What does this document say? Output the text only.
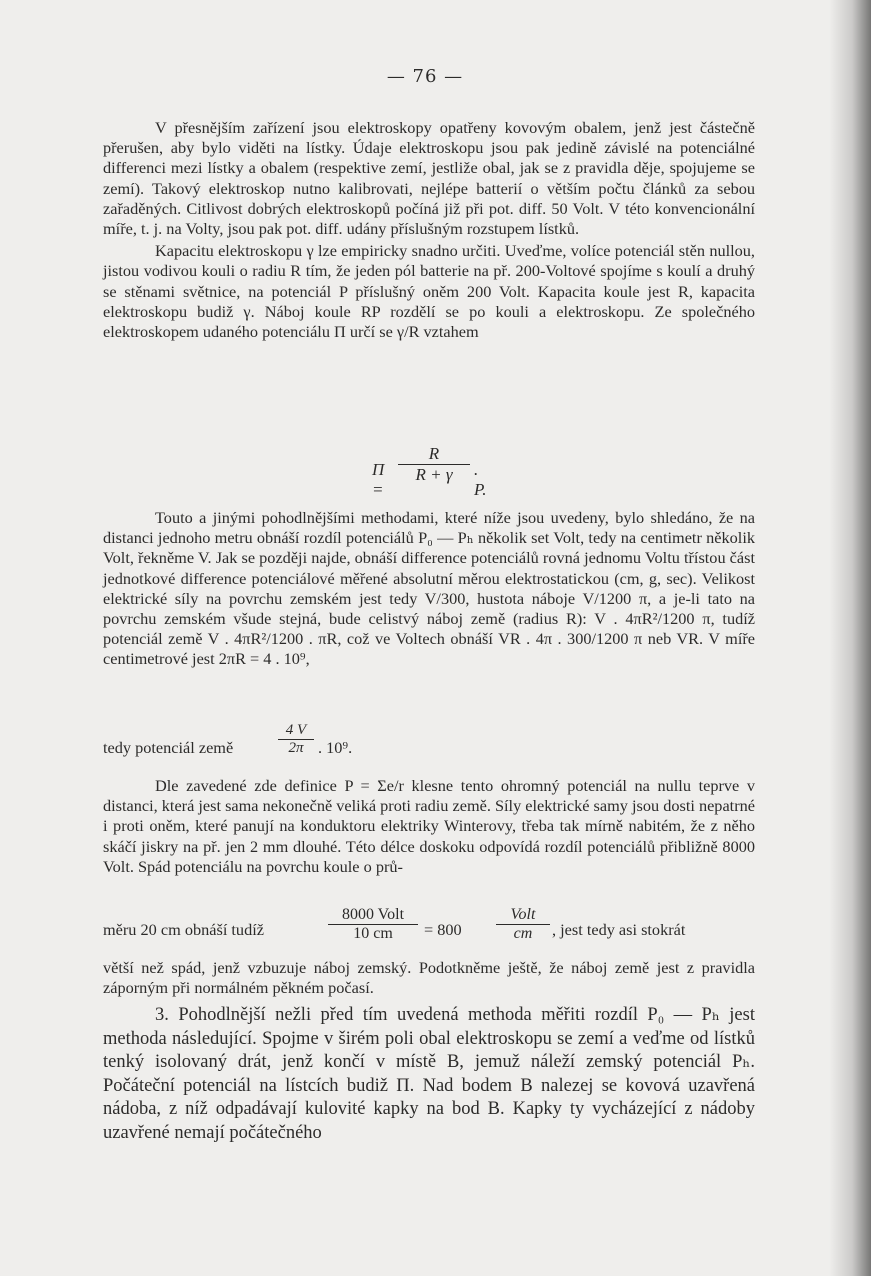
— 76 —

V přesnějším zařízení jsou elektroskopy opatřeny kovovým obalem, jenž jest částečně přerušen, aby bylo viděti na lístky. Údaje elektroskopu jsou pak jedině závislé na potenciálné differenci mezi lístky a obalem (respektive zemí, jestliže obal, jak se z pravidla děje, spojujeme se zemí). Takový elektroskop nutno kalibrovati, nejlépe batterií o větším počtu článků za sebou zařaděných. Citlivost dobrých elektroskopů počíná již při pot. diff. 50 Volt. V této konvencionální míře, t. j. na Volty, jsou pak pot. diff. udány příslušným rozstupem lístků.

Kapacitu elektroskopu γ lze empiricky snadno určiti. Uveďme, volíce potenciál stěn nullou, jistou vodivou kouli o radiu R tím, že jeden pól batterie na př. 200-Voltové spojíme s koulí a druhý se stěnami světnice, na potenciál P příslušný oněm 200 Volt. Kapacita koule jest R, kapacita elektroskopu budiž γ. Náboj koule RP rozdělí se po kouli a elektroskopu. Ze společného elektroskopem udaného potenciálu Π určí se γ/R vztahem

Π =
$\frac{R}{R + \gamma}$ . P.

Touto a jinými pohodlnějšími methodami, které níže jsou uvedeny, bylo shledáno, že na distanci jednoho metru obnáší rozdíl potenciálů P₀ — Pₕ několik set Volt, tedy na centimetr několik Volt, řekněme V. Jak se později najde, obnáší difference potenciálů rovná jednomu Voltu třístou část jednotkové difference potenciálové měřené absolutní měrou elektrostatickou (cm, g, sec). Velikost elektrické síly na povrchu zemském jest tedy V/300, hustota náboje V/1200 π, a je-li tato na povrchu zemském všude stejná, bude celistvý náboj země (radius R): V . 4πR²/1200 π, tudíž potenciál země V . 4πR²/1200 . πR, což ve Voltech obnáší VR . 4π . 300/1200 π neb VR. V míře centimetrové jest 2πR = 4 . 10⁹,

tedy potenciál země	$\frac{4 V}{2\pi}$ . 10⁹.

Dle zavedené zde definice P = Σe/r klesne tento ohromný potenciál na nullu teprve v distanci, která jest sama nekonečně veliká proti radiu země. Síly elektrické samy jsou dosti nepatrné i proti oněm, které panují na konduktoru elektriky Winterovy, třeba tak mírně nabitém, že z něho skáčí jiskry na př. jen 2 mm dlouhé. Této délce doskoku odpovídá rozdíl potenciálů přibližně 8000 Volt. Spád potenciálu na povrchu koule o prů-

měru 20 cm obnáší tudíž
8000 Volt
10 cm	= 800
Volt
cm	, jest tedy asi stokrát

větší než spád, jenž vzbuzuje náboj zemský. Podotkněme ještě, že náboj země jest z pravidla záporným při normálném pěkném počasí.

3. Pohodlnější nežli před tím uvedená methoda měřiti rozdíl P₀ — Pₕ jest methoda následující. Spojme v širém poli obal elektroskopu se zemí a veďme od lístků tenký isolovaný drát, jenž končí v místě B, jemuž náleží zemský potenciál Pₕ. Počáteční potenciál na lístcích budiž Π. Nad bodem B nalezej se kovová uzavřená nádoba, z níž odpadávají kulovité kapky na bod B. Kapky ty vycházející z nádoby uzavřené nemají počátečného
